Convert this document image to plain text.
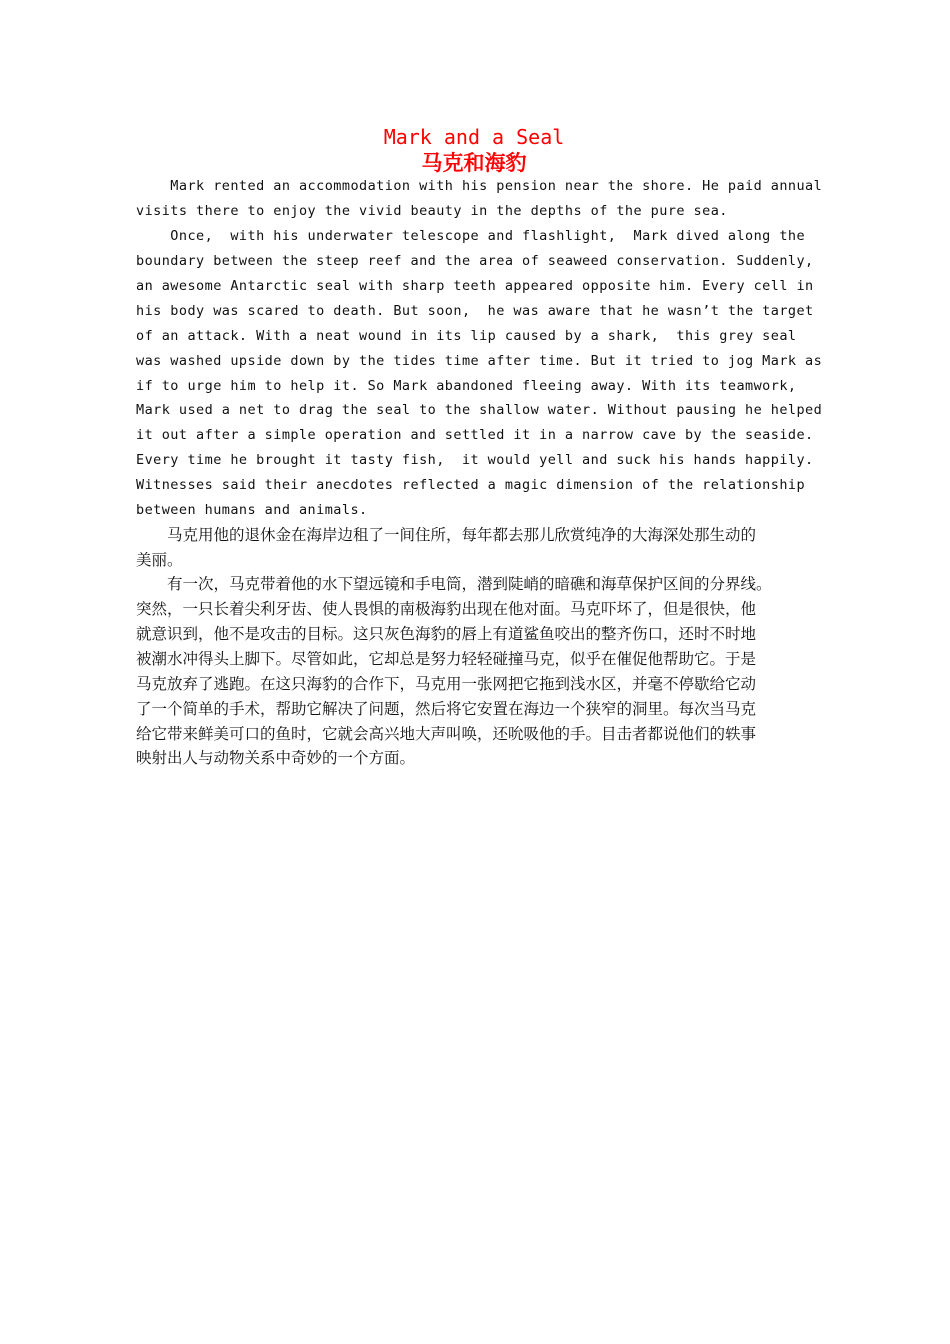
Mark and a Seal
马克和海豹
Mark rented an accommodation with his pension near the shore. He paid annual
visits there to enjoy the vivid beauty in the depths of the pure sea.
Once,  with his underwater telescope and flashlight,  Mark dived along the
boundary between the steep reef and the area of seaweed conservation. Suddenly,
an awesome Antarctic seal with sharp teeth appeared opposite him. Every cell in
his body was scared to death. But soon,  he was aware that he wasn’t the target
of an attack. With a neat wound in its lip caused by a shark,  this grey seal
was washed upside down by the tides time after time. But it tried to jog Mark as
if to urge him to help it. So Mark abandoned fleeing away. With its teamwork,
Mark used a net to drag the seal to the shallow water. Without pausing he helped
it out after a simple operation and settled it in a narrow cave by the seaside.
Every time he brought it tasty fish,  it would yell and suck his hands happily.
Witnesses said their anecdotes reflected a magic dimension of the relationship
between humans and animals.
　　马克用他的退休金在海岸边租了一间住所，每年都去那儿欣赏纯净的大海深处那生动的
美丽。
　　有一次，马克带着他的水下望远镜和手电筒，潜到陡峭的暗礁和海草保护区间的分界线。
突然，一只长着尖利牙齿、使人畏惧的南极海豹出现在他对面。马克吓坏了，但是很快，他
就意识到，他不是攻击的目标。这只灰色海豹的唇上有道鲨鱼咬出的整齐伤口，还时不时地
被潮水冲得头上脚下。尽管如此，它却总是努力轻轻碰撞马克，似乎在催促他帮助它。于是
马克放弃了逃跑。在这只海豹的合作下，马克用一张网把它拖到浅水区，并毫不停歇给它动
了一个简单的手术，帮助它解决了问题，然后将它安置在海边一个狭窄的洞里。每次当马克
给它带来鲜美可口的鱼时，它就会高兴地大声叫唤，还吮吸他的手。目击者都说他们的轶事
映射出人与动物关系中奇妙的一个方面。
